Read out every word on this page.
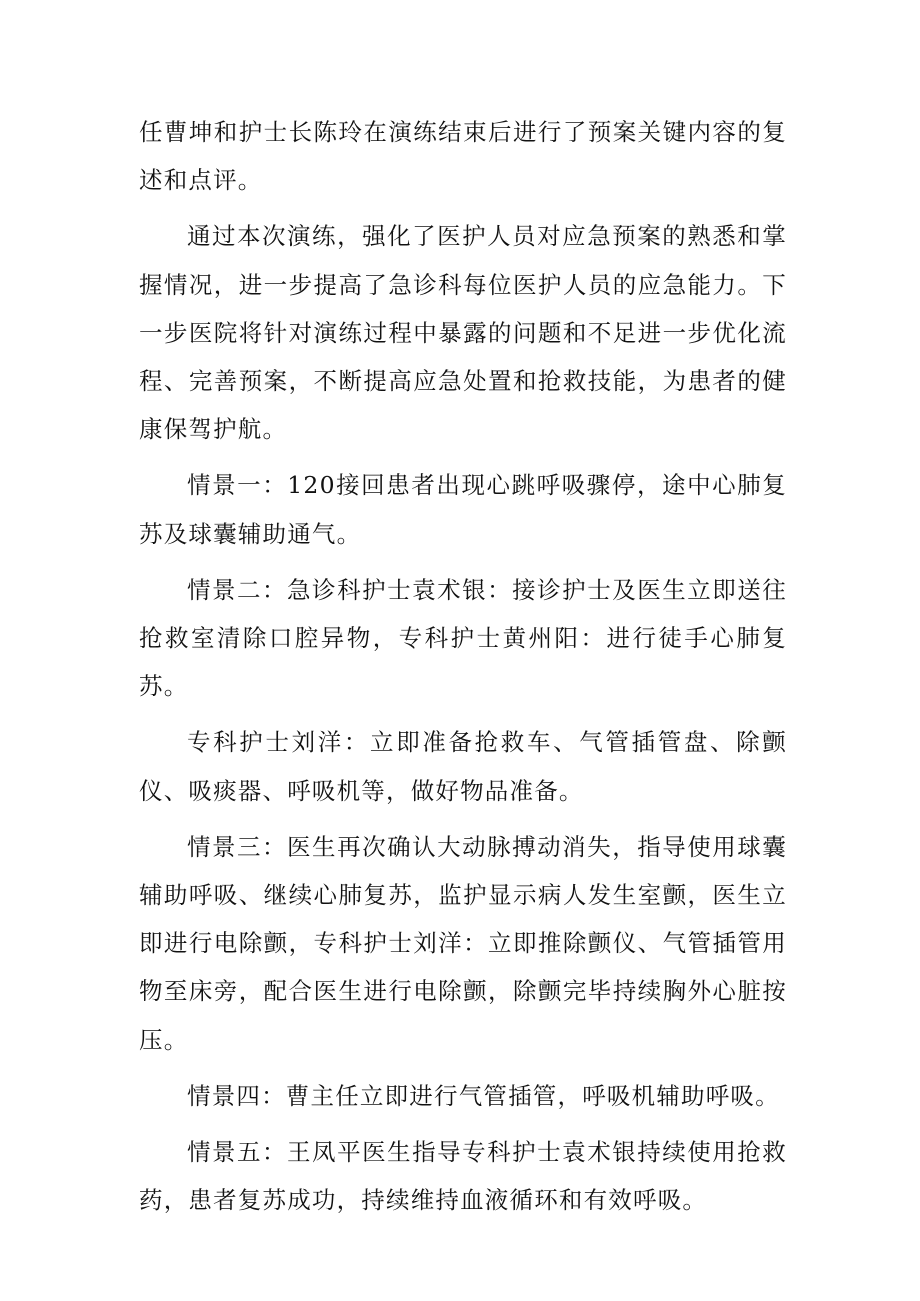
任曹坤和护士长陈玲在演练结束后进行了预案关键内容的复述和点评。

通过本次演练，强化了医护人员对应急预案的熟悉和掌握情况，进一步提高了急诊科每位医护人员的应急能力。下一步医院将针对演练过程中暴露的问题和不足进一步优化流程、完善预案，不断提高应急处置和抢救技能，为患者的健康保驾护航。

情景一：120接回患者出现心跳呼吸骤停，途中心肺复苏及球囊辅助通气。

情景二：急诊科护士袁术银：接诊护士及医生立即送往抢救室清除口腔异物，专科护士黄州阳：进行徒手心肺复苏。

专科护士刘洋：立即准备抢救车、气管插管盘、除颤仪、吸痰器、呼吸机等，做好物品准备。

情景三：医生再次确认大动脉搏动消失，指导使用球囊辅助呼吸、继续心肺复苏，监护显示病人发生室颤，医生立即进行电除颤，专科护士刘洋：立即推除颤仪、气管插管用物至床旁，配合医生进行电除颤，除颤完毕持续胸外心脏按压。

情景四：曹主任立即进行气管插管，呼吸机辅助呼吸。

情景五：王凤平医生指导专科护士袁术银持续使用抢救药，患者复苏成功，持续维持血液循环和有效呼吸。
